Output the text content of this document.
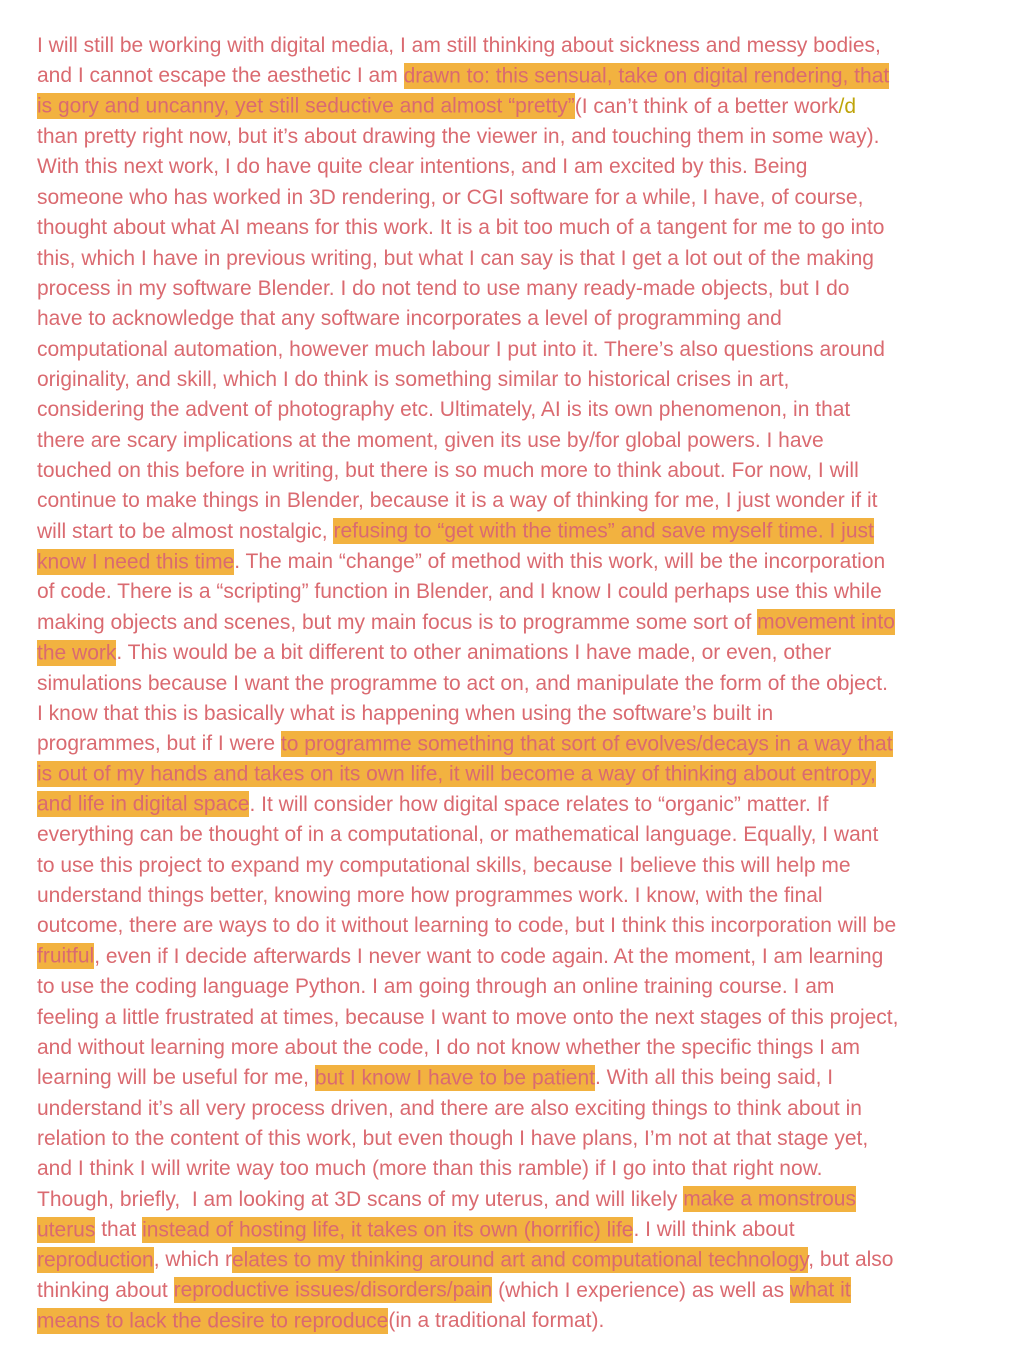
I will still be working with digital media, I am still thinking about sickness and messy bodies,
and I cannot escape the aesthetic I am drawn to: this sensual, take on digital rendering, that
is gory and uncanny, yet still seductive and almost “pretty”(I can’t think of a better work/d
than pretty right now, but it’s about drawing the viewer in, and touching them in some way).
With this next work, I do have quite clear intentions, and I am excited by this. Being
someone who has worked in 3D rendering, or CGI software for a while, I have, of course,
thought about what AI means for this work. It is a bit too much of a tangent for me to go into
this, which I have in previous writing, but what I can say is that I get a lot out of the making
process in my software Blender. I do not tend to use many ready-made objects, but I do
have to acknowledge that any software incorporates a level of programming and
computational automation, however much labour I put into it. There’s also questions around
originality, and skill, which I do think is something similar to historical crises in art,
considering the advent of photography etc. Ultimately, AI is its own phenomenon, in that
there are scary implications at the moment, given its use by/for global powers. I have
touched on this before in writing, but there is so much more to think about. For now, I will
continue to make things in Blender, because it is a way of thinking for me, I just wonder if it
will start to be almost nostalgic, refusing to “get with the times” and save myself time. I just
know I need this time. The main “change” of method with this work, will be the incorporation
of code. There is a “scripting” function in Blender, and I know I could perhaps use this while
making objects and scenes, but my main focus is to programme some sort of movement into
the work. This would be a bit different to other animations I have made, or even, other
simulations because I want the programme to act on, and manipulate the form of the object.
I know that this is basically what is happening when using the software’s built in
programmes, but if I were to programme something that sort of evolves/decays in a way that
is out of my hands and takes on its own life, it will become a way of thinking about entropy,
and life in digital space. It will consider how digital space relates to “organic” matter. If
everything can be thought of in a computational, or mathematical language. Equally, I want
to use this project to expand my computational skills, because I believe this will help me
understand things better, knowing more how programmes work. I know, with the final
outcome, there are ways to do it without learning to code, but I think this incorporation will be
fruitful, even if I decide afterwards I never want to code again. At the moment, I am learning
to use the coding language Python. I am going through an online training course. I am
feeling a little frustrated at times, because I want to move onto the next stages of this project,
and without learning more about the code, I do not know whether the specific things I am
learning will be useful for me, but I know I have to be patient. With all this being said, I
understand it’s all very process driven, and there are also exciting things to think about in
relation to the content of this work, but even though I have plans, I’m not at that stage yet,
and I think I will write way too much (more than this ramble) if I go into that right now.
Though, briefly,  I am looking at 3D scans of my uterus, and will likely make a monstrous
uterus that instead of hosting life, it takes on its own (horrific) life. I will think about
reproduction, which relates to my thinking around art and computational technology, but also
thinking about reproductive issues/disorders/pain (which I experience) as well as what it
means to lack the desire to reproduce(in a traditional format).
